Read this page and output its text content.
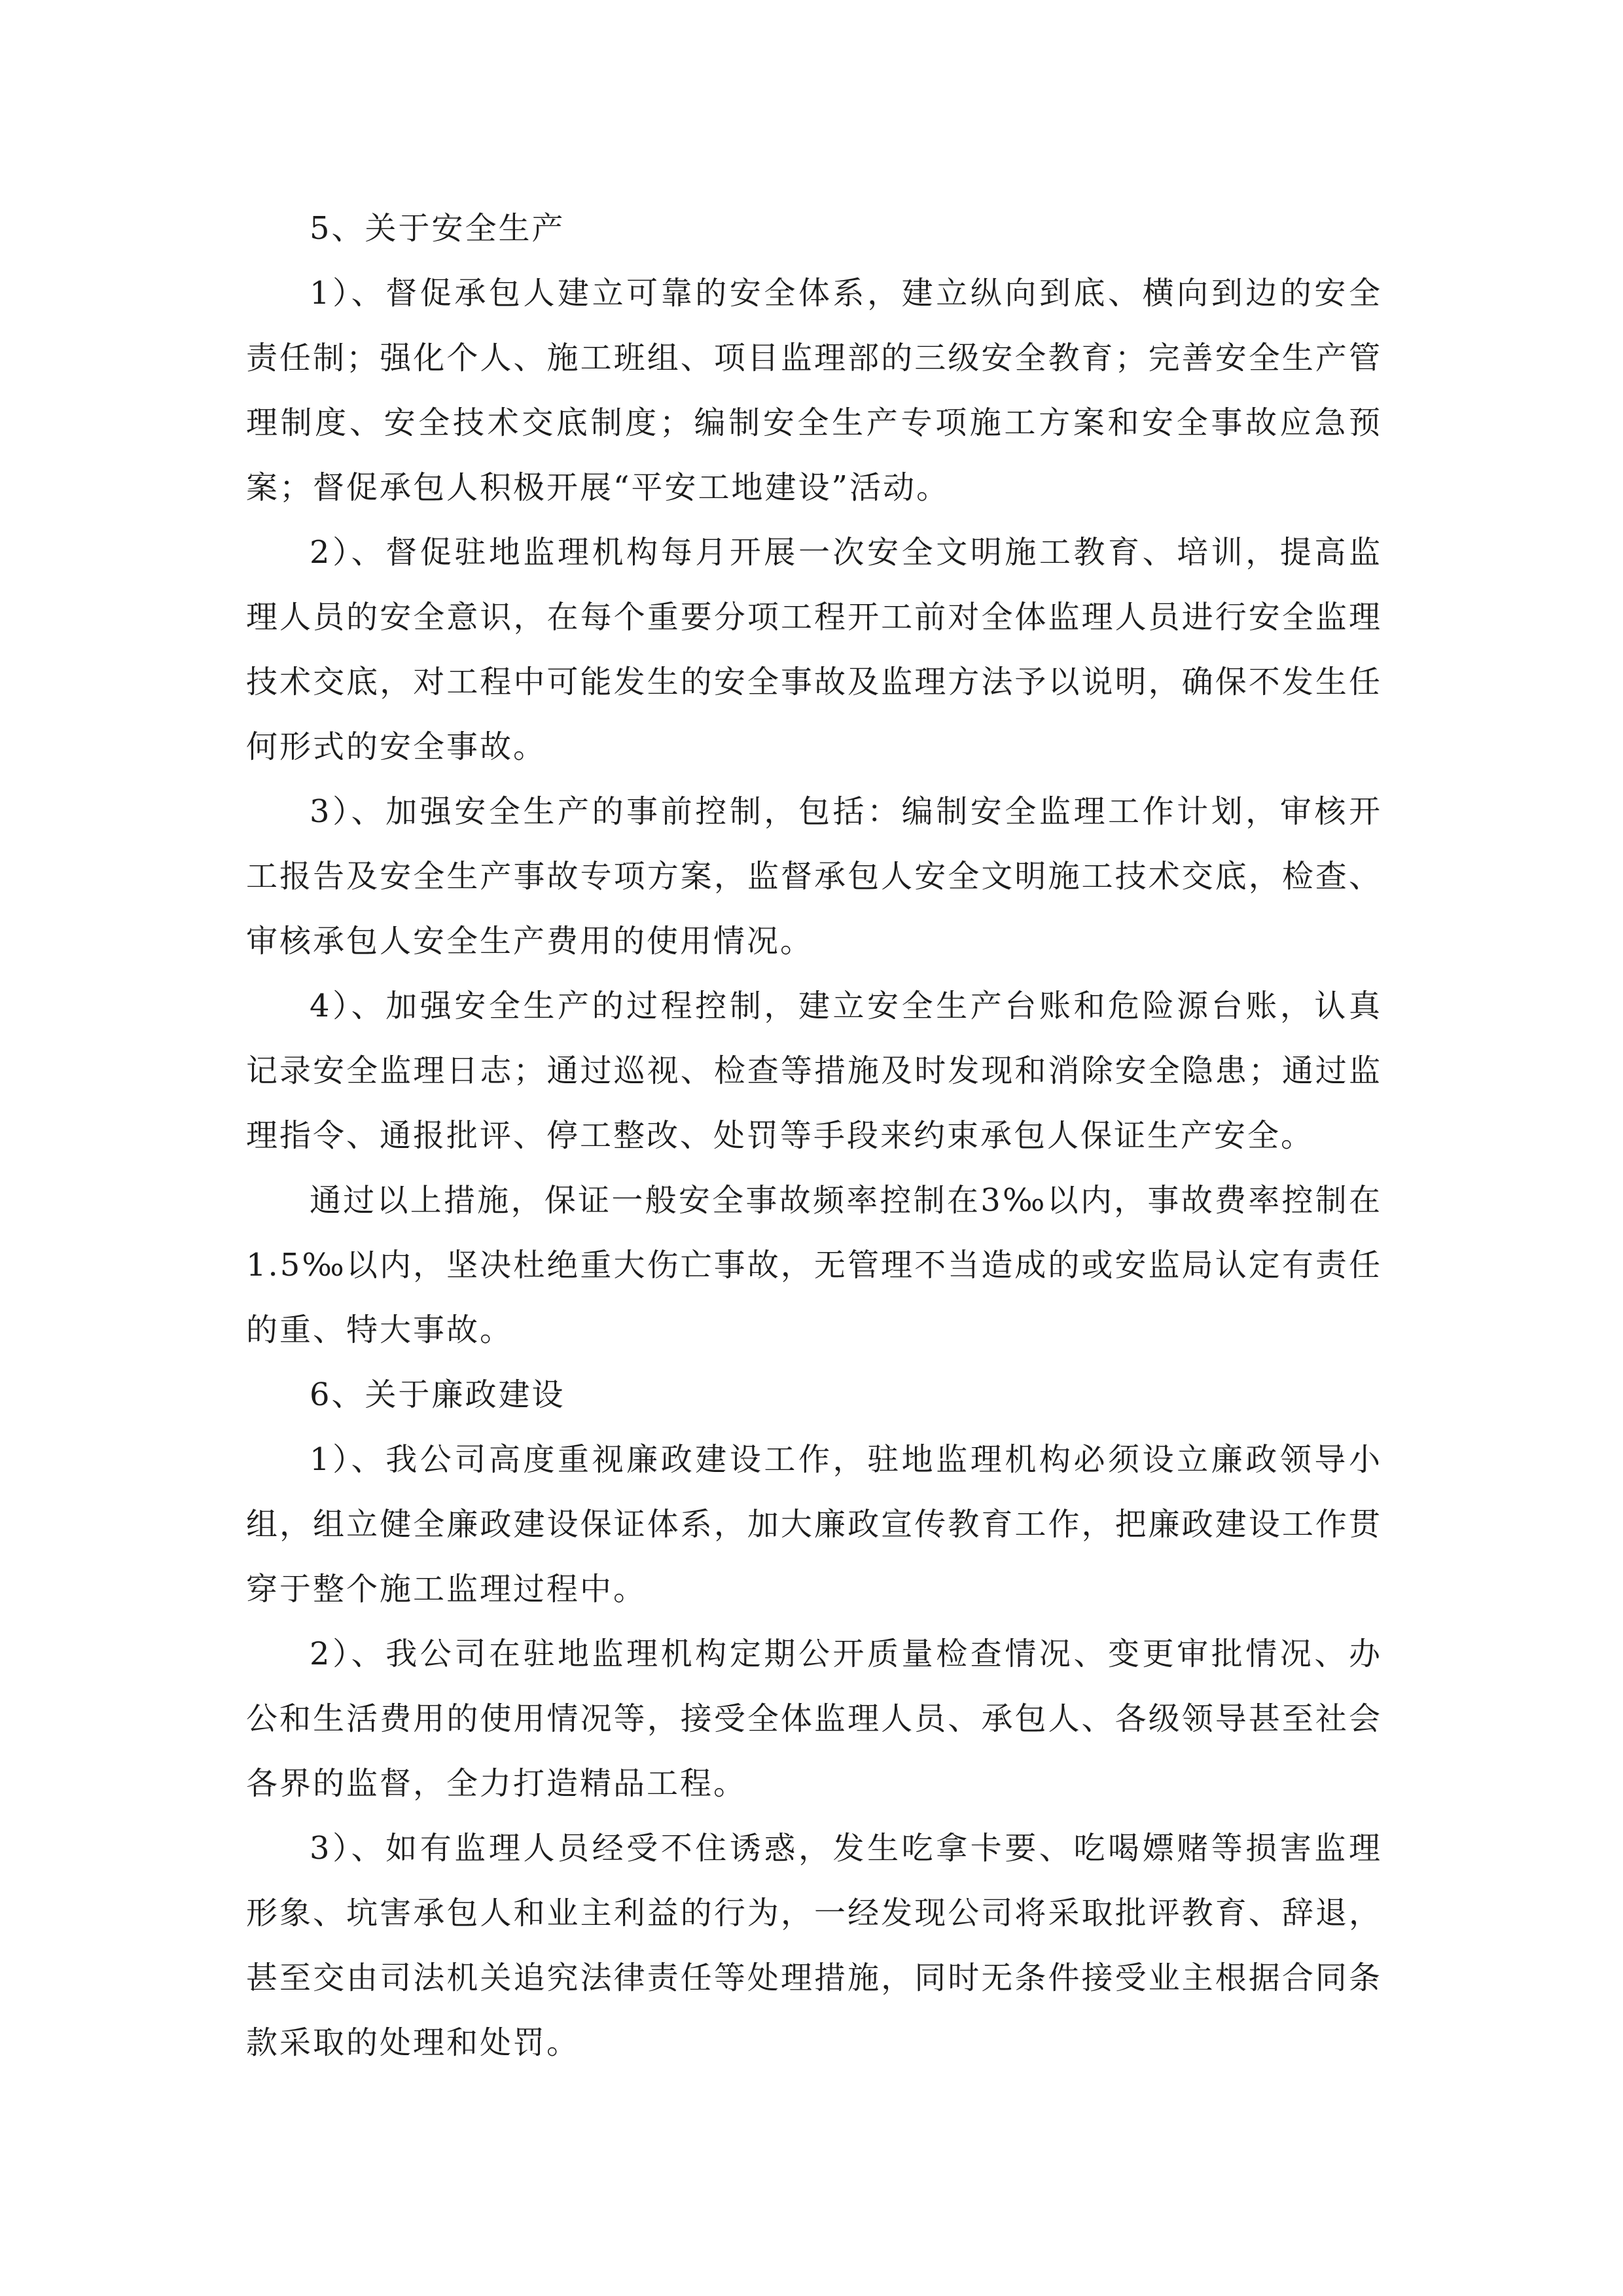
5、关于安全生产

1）、督促承包人建立可靠的安全体系，建立纵向到底、横向到边的安全责任制；强化个人、施工班组、项目监理部的三级安全教育；完善安全生产管理制度、安全技术交底制度；编制安全生产专项施工方案和安全事故应急预案；督促承包人积极开展“平安工地建设”活动。

2）、督促驻地监理机构每月开展一次安全文明施工教育、培训，提高监理人员的安全意识，在每个重要分项工程开工前对全体监理人员进行安全监理技术交底，对工程中可能发生的安全事故及监理方法予以说明，确保不发生任何形式的安全事故。

3）、加强安全生产的事前控制，包括：编制安全监理工作计划，审核开工报告及安全生产事故专项方案，监督承包人安全文明施工技术交底，检查、审核承包人安全生产费用的使用情况。

4）、加强安全生产的过程控制，建立安全生产台账和危险源台账，认真记录安全监理日志；通过巡视、检查等措施及时发现和消除安全隐患；通过监理指令、通报批评、停工整改、处罚等手段来约束承包人保证生产安全。

通过以上措施，保证一般安全事故频率控制在3‰以内，事故费率控制在1.5‰以内，坚决杜绝重大伤亡事故，无管理不当造成的或安监局认定有责任的重、特大事故。

6、关于廉政建设

1）、我公司高度重视廉政建设工作，驻地监理机构必须设立廉政领导小组，组立健全廉政建设保证体系，加大廉政宣传教育工作，把廉政建设工作贯穿于整个施工监理过程中。

2）、我公司在驻地监理机构定期公开质量检查情况、变更审批情况、办公和生活费用的使用情况等，接受全体监理人员、承包人、各级领导甚至社会各界的监督，全力打造精品工程。

3）、如有监理人员经受不住诱惑，发生吃拿卡要、吃喝嫖赌等损害监理形象、坑害承包人和业主利益的行为，一经发现公司将采取批评教育、辞退，甚至交由司法机关追究法律责任等处理措施，同时无条件接受业主根据合同条款采取的处理和处罚。
